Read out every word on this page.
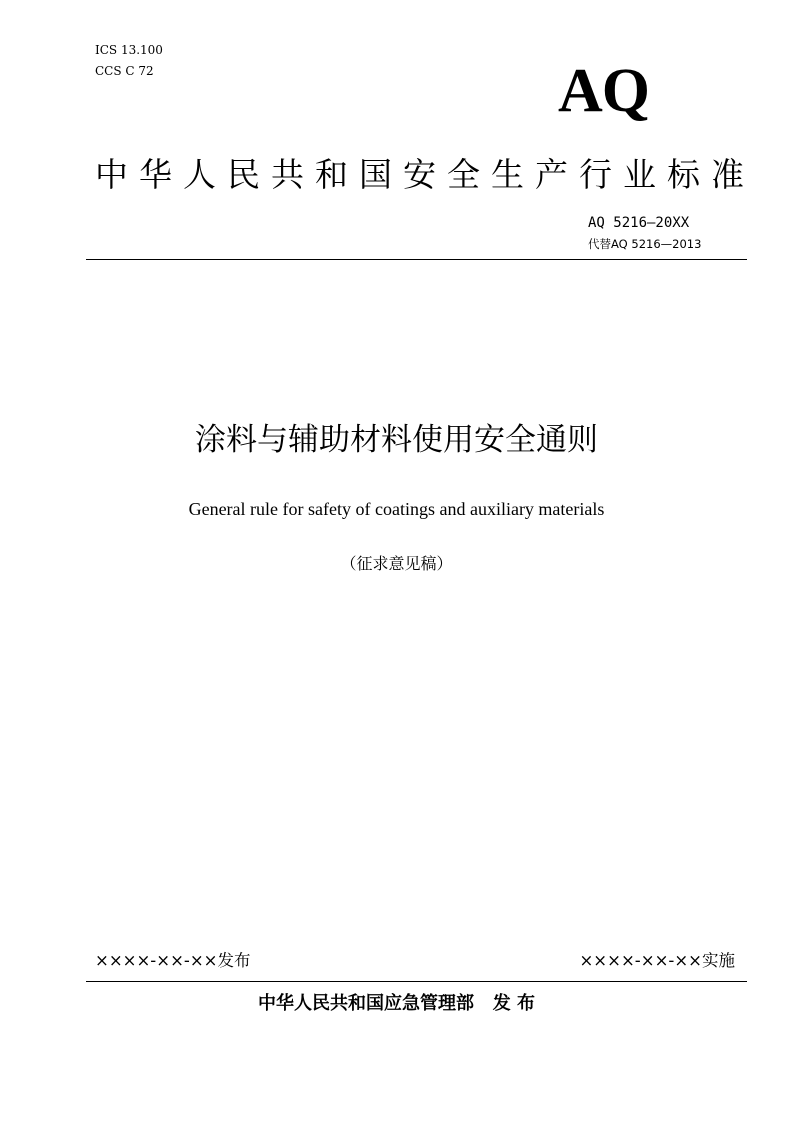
ICS 13.100
CCS C 72	AQ
中华人民共和国安全生产行业标准
AQ 5216—20XX
代替AQ 5216—2013
涂料与辅助材料使用安全通则
General rule for safety of coatings and auxiliary materials
（征求意见稿）
××××-××-××发布	××××-××-××实施
中华人民共和国应急管理部   发 布
